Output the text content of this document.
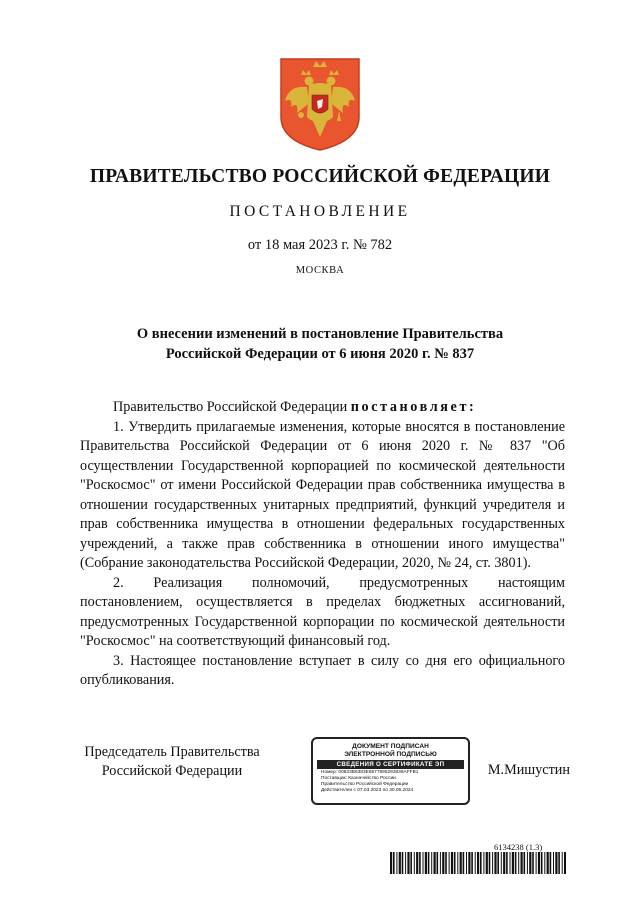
ПРАВИТЕЛЬСТВО РОССИЙСКОЙ ФЕДЕРАЦИИ
ПОСТАНОВЛЕНИЕ
от 18 мая 2023 г. № 782
МОСКВА
О внесении изменений в постановление Правительства
Российской Федерации от 6 июня 2020 г. № 837

Правительство Российской Федерации постановляет:

1. Утвердить прилагаемые изменения, которые вносятся в постановление Правительства Российской Федерации от 6 июня 2020 г. № 837 "Об осуществлении Государственной корпорацией по космической деятельности "Роскосмос" от имени Российской Федерации прав собственника имущества в отношении государственных унитарных предприятий, функций учредителя и прав собственника имущества в отношении федеральных государственных учреждений, а также прав собственника в отношении иного имущества" (Собрание законодательства Российской Федерации, 2020, № 24, ст. 3801).

2. Реализация полномочий, предусмотренных настоящим постановлением, осуществляется в пределах бюджетных ассигнований, предусмотренных Государственной корпорации по космической деятельности "Роскосмос" на соответствующий финансовый год.

3. Настоящее постановление вступает в силу со дня его официального опубликования.

Председатель Правительства
Российской Федерации
ДОКУМЕНТ ПОДПИСАН
ЭЛЕКТРОННОЙ ПОДПИСЬЮ
СВЕДЕНИЯ О СЕРТИФИКАТЕ ЭП
Номер: 00833B6383E6577995293838AFFB1
Поставщик: Казначейство России
Правительство Российской Федерации
Действителен с 07.03.2023 по 30.05.2024
М.Мишустин
6134238 (1.3)
